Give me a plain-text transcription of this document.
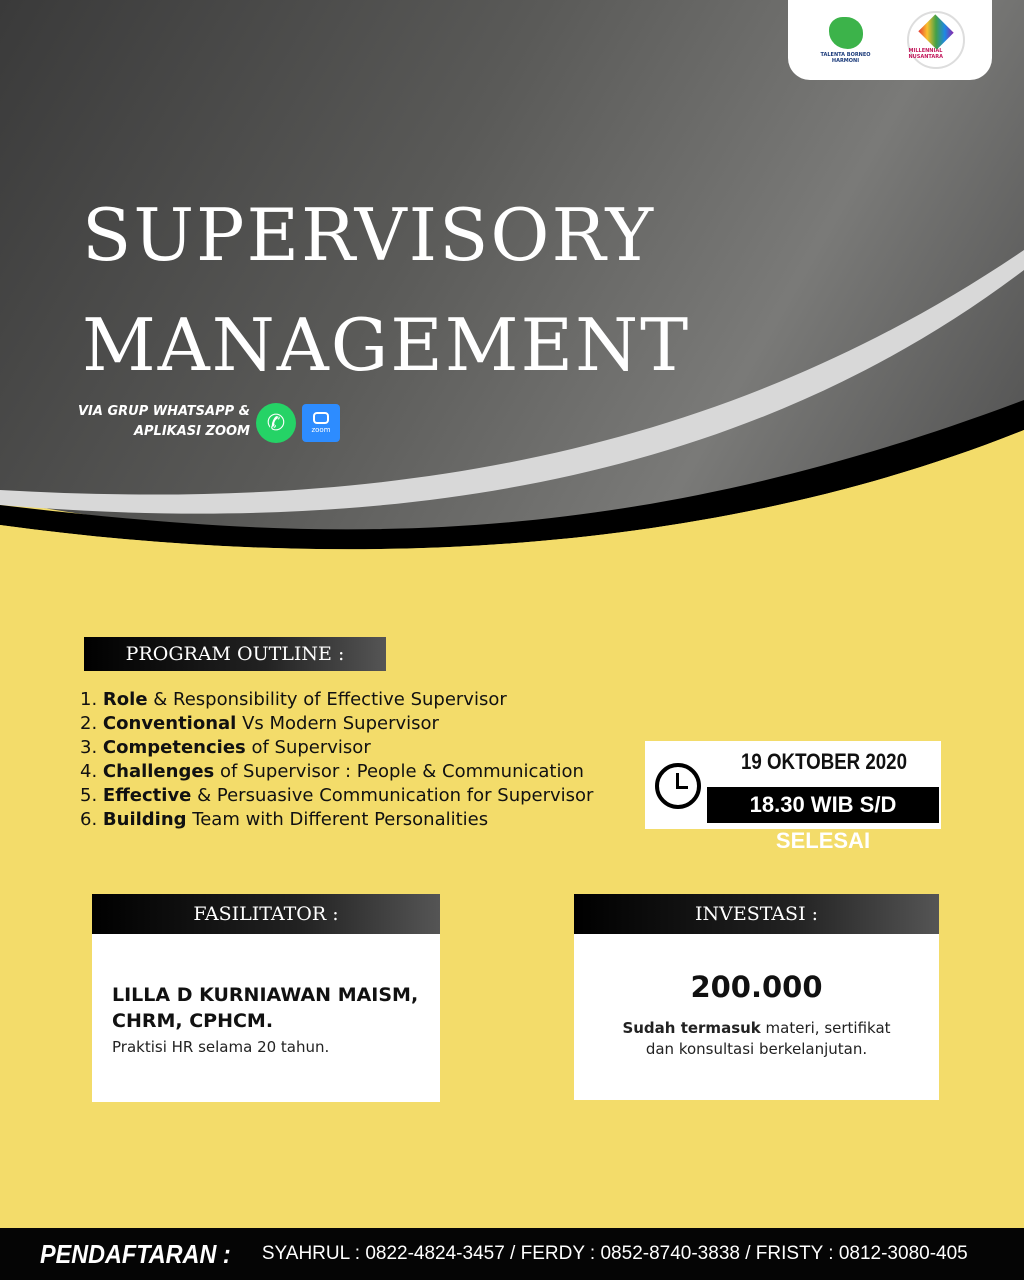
TALENTA BORNEO HARMONI
MILLENNIAL NUSANTARA
SUPERVISORY
MANAGEMENT
VIA GRUP WHATSAPP &
APLIKASI ZOOM ✆	zoom
PROGRAM OUTLINE :
1. Role & Responsibility of Effective Supervisor
2. Conventional Vs Modern Supervisor
3. Competencies of Supervisor
4. Challenges of Supervisor : People & Communication
5. Effective & Persuasive Communication for Supervisor
6. Building Team with Different Personalities
19 OKTOBER 2020
18.30 WIB S/D SELESAI
FASILITATOR :
LILLA D KURNIAWAN MAISM, CHRM, CPHCM.
Praktisi HR selama 20 tahun.
INVESTASI :
200.000
Sudah termasuk materi, sertifikat dan konsultasi berkelanjutan.
PENDAFTARAN : SYAHRUL : 0822-4824-3457 / FERDY : 0852-8740-3838 / FRISTY : 0812-3080-405
